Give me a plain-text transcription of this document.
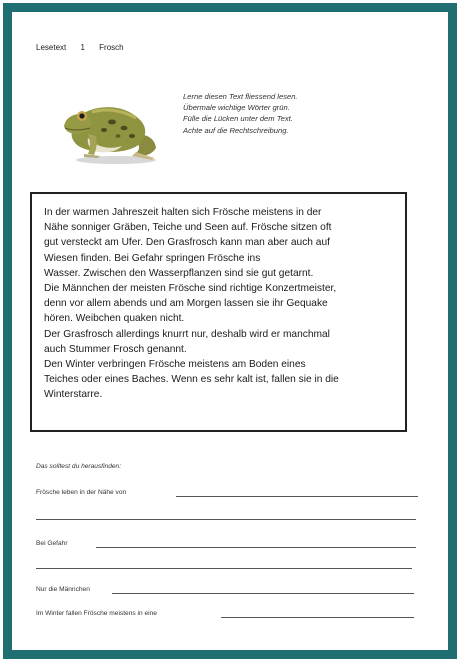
Lesetext 1 Frosch
Lerne diesen Text fliessend lesen.
Übermale wichtige Wörter grün.
Fülle die Lücken unter dem Text.
Achte auf die Rechtschreibung.
In der warmen Jahreszeit halten sich Frösche meistens in der
Nähe sonniger Gräben, Teiche und Seen auf. Frösche sitzen oft
gut versteckt am Ufer. Den Grasfrosch kann man aber auch auf
Wiesen finden. Bei Gefahr springen Frösche ins
Wasser. Zwischen den Wasserpflanzen sind sie gut getarnt.
Die Männchen der meisten Frösche sind richtige Konzertmeister,
denn vor allem abends und am Morgen lassen sie ihr Gequake
hören. Weibchen quaken nicht.
Der Grasfrosch allerdings knurrt nur, deshalb wird er manchmal
auch Stummer Frosch genannt.
Den Winter verbringen Frösche meistens am Boden eines
Teiches oder eines Baches. Wenn es sehr kalt ist, fallen sie in die
Winterstarre.
Das solltest du herausfinden:
Frösche leben in der Nähe von
Bei Gefahr
Nur die Männchen
Im Winter fallen Frösche meistens in eine
